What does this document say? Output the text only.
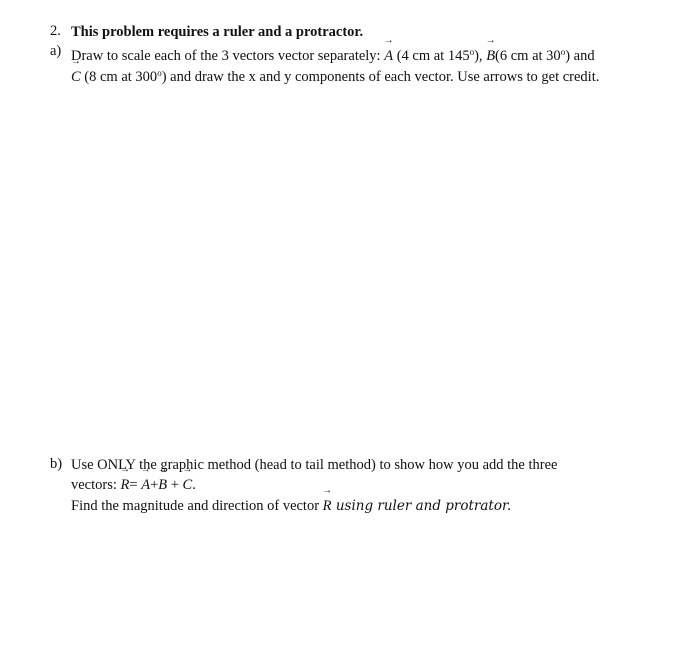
2. This problem requires a ruler and a protractor.
a) Draw to scale each of the 3 vectors vector separately: → A (4 cm at $145^o$), → B(6 cm at 30$^o$) and
→ C (8 cm at 300$^o$) and draw the x and y components of each vector. Use arrows to get credit.
b) Use ONLY the graphic method (head to tail method) to show how you add the three
vectors: → R= → A+→ B + → C.
Find the magnitude and direction of vector → R using ruler and protrator.
